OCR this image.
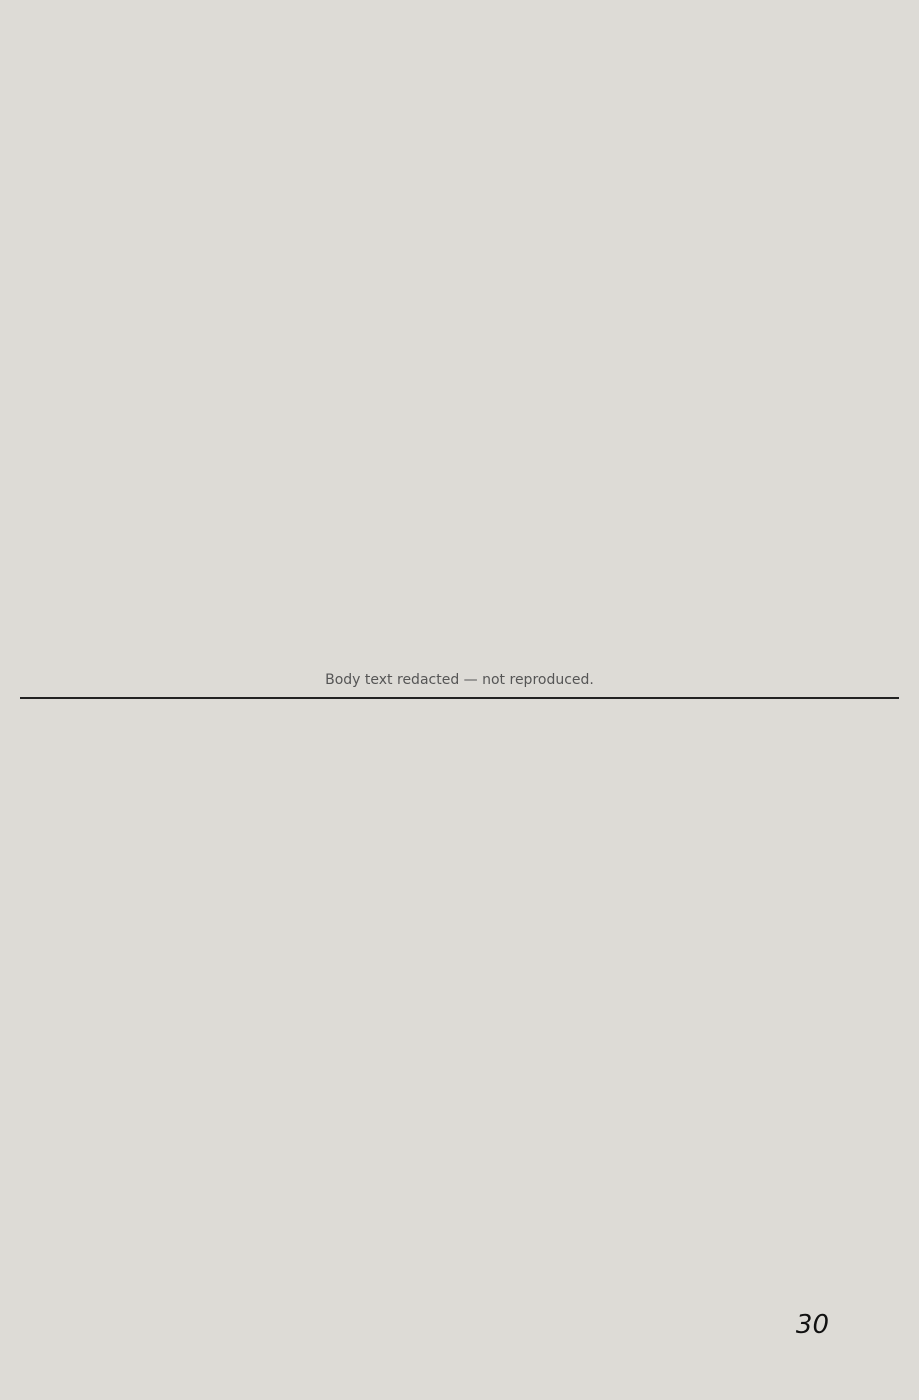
Body text redacted — not reproduced.
30
